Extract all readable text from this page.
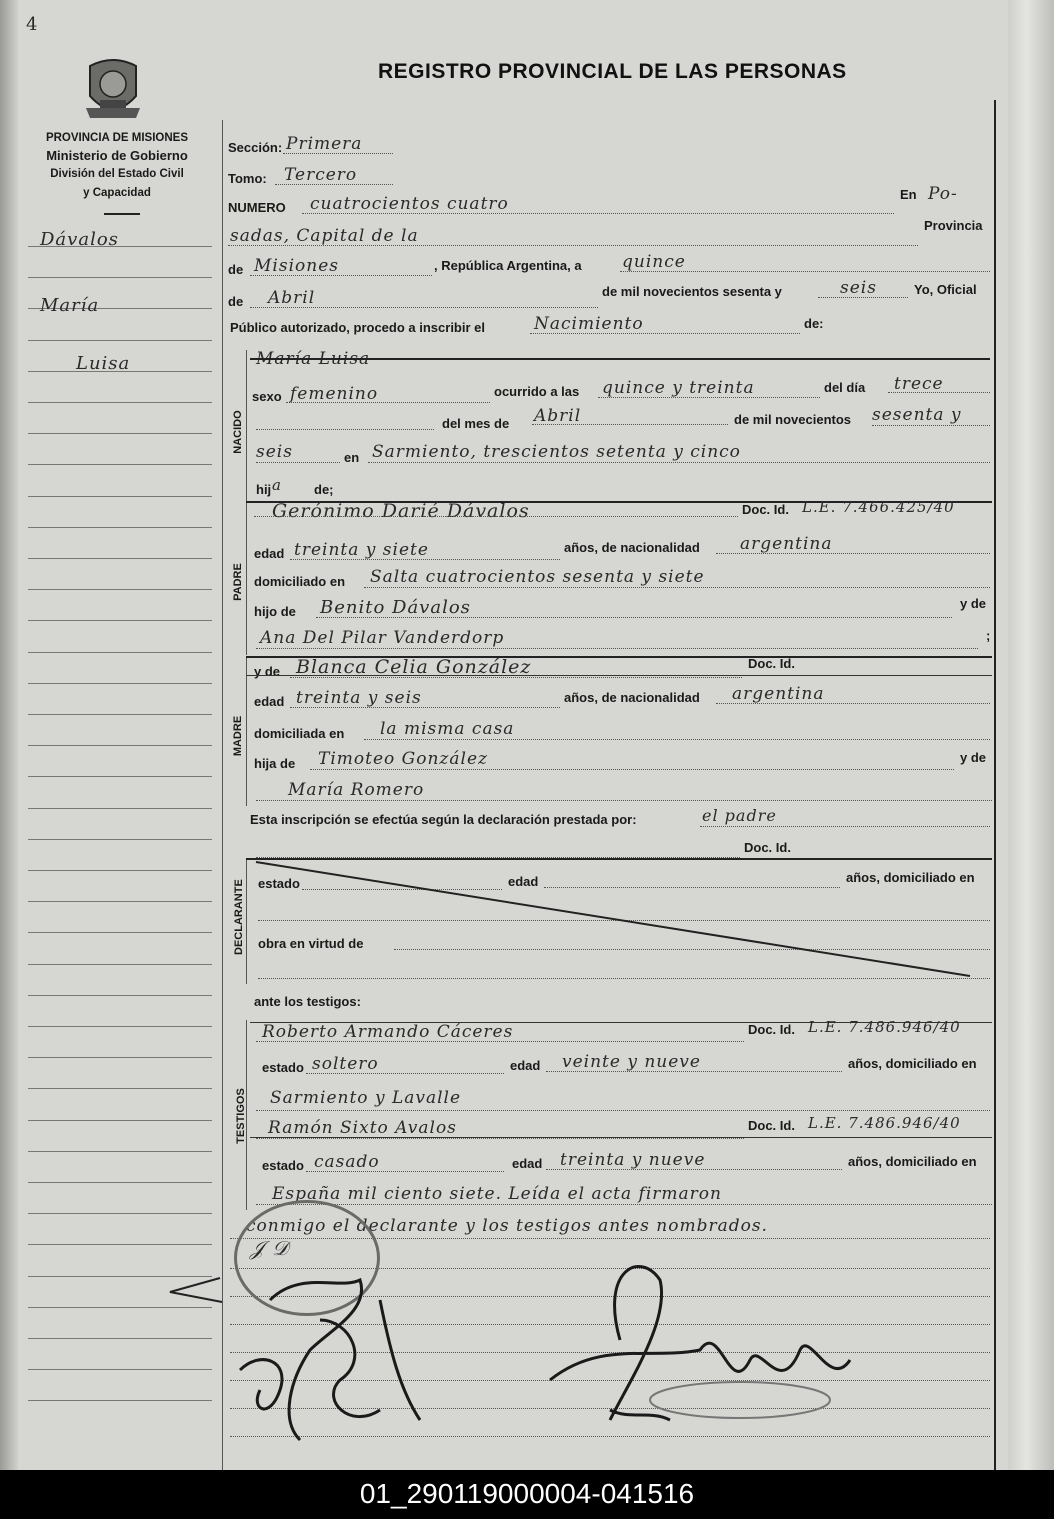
4
PROVINCIA DE MISIONES
Ministerio de Gobierno
División del Estado Civil
y Capacidad
Dávalos
María
Luisa
REGISTRO PROVINCIAL DE LAS PERSONAS
Sección: Primera
Tomo: Tercero
NUMERO cuatrocientos cuatro	En Po-
sadas, Capital de la
Provincia
de Misiones	, República Argentina, a quince
de Abril	de mil novecientos sesenta y	seis	Yo, Oficial
Público autorizado, procedo a inscribir el	Nacimiento	de:
NACIDO
María Luisa
sexo femenino	ocurrido a las quince y treinta	del día trece
del mes de Abril	de mil novecientos sesenta y
seis	en Sarmiento, trescientos setenta y cinco
hij a de;
PADRE
Gerónimo Darié Dávalos	Doc. Id. L.E. 7.466.425/40
edad treinta y siete	años, de nacionalidad argentina
domiciliado en Salta cuatrocientos sesenta y siete
hijo de Benito Dávalos	y de
Ana Del Pilar Vanderdorp	;
MADRE
y de Blanca Celia González	Doc. Id.
edad treinta y seis	años, de nacionalidad argentina
domiciliada en la misma casa
hija de Timoteo González	y de
María Romero
Esta inscripción se efectúa según la declaración prestada por:	el padre
Doc. Id.
DECLARANTE estado	edad	años, domiciliado en
obra en virtud de
ante los testigos:
TESTIGOS
Roberto Armando Cáceres	Doc. Id. L.E. 7.486.946/40
estado soltero	edad veinte y nueve	años, domiciliado en
Sarmiento y Lavalle
Ramón Sixto Avalos	Doc. Id. L.E. 7.486.946/40
estado casado	edad treinta y nueve	años, domiciliado en
España mil ciento siete. Leída el acta firmaron
conmigo el declarante y los testigos antes nombrados.
𝒥 𝒟
01_290119000004-041516
